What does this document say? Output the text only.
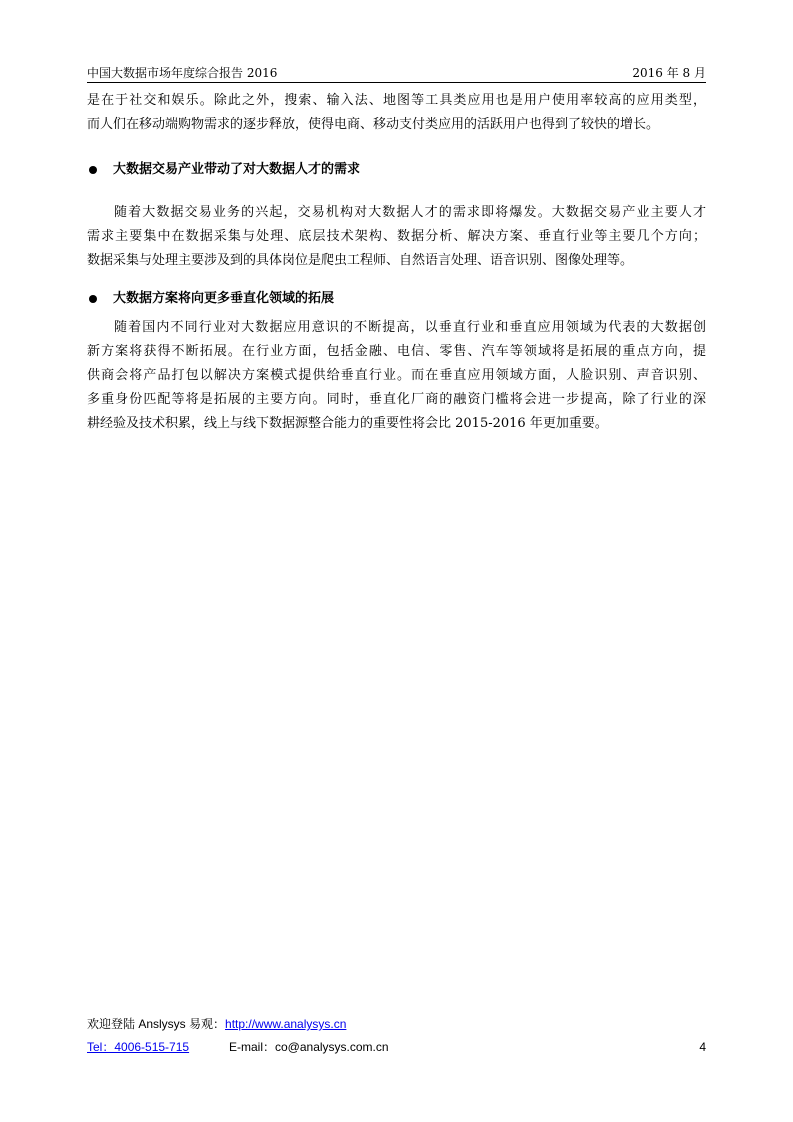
中国大数据市场年度综合报告 2016	2016 年 8 月
是在于社交和娱乐。除此之外，搜索、输入法、地图等工具类应用也是用户使用率较高的应用类型，
而人们在移动端购物需求的逐步释放，使得电商、移动支付类应用的活跃用户也得到了较快的增长。
大数据交易产业带动了对大数据人才的需求
随着大数据交易业务的兴起，交易机构对大数据人才的需求即将爆发。大数据交易产业主要人才
需求主要集中在数据采集与处理、底层技术架构、数据分析、解决方案、垂直行业等主要几个方向；
数据采集与处理主要涉及到的具体岗位是爬虫工程师、自然语言处理、语音识别、图像处理等。
大数据方案将向更多垂直化领域的拓展
随着国内不同行业对大数据应用意识的不断提高，以垂直行业和垂直应用领域为代表的大数据创
新方案将获得不断拓展。在行业方面，包括金融、电信、零售、汽车等领域将是拓展的重点方向，提
供商会将产品打包以解决方案模式提供给垂直行业。而在垂直应用领域方面，人脸识别、声音识别、
多重身份匹配等将是拓展的主要方向。同时，垂直化厂商的融资门槛将会进一步提高，除了行业的深
耕经验及技术积累，线上与线下数据源整合能力的重要性将会比 2015-2016 年更加重要。
欢迎登陆 Anslysys 易观：http://www.analysys.cn
Tel：4006-515-715	E-mail：co@analysys.com.cn	4
